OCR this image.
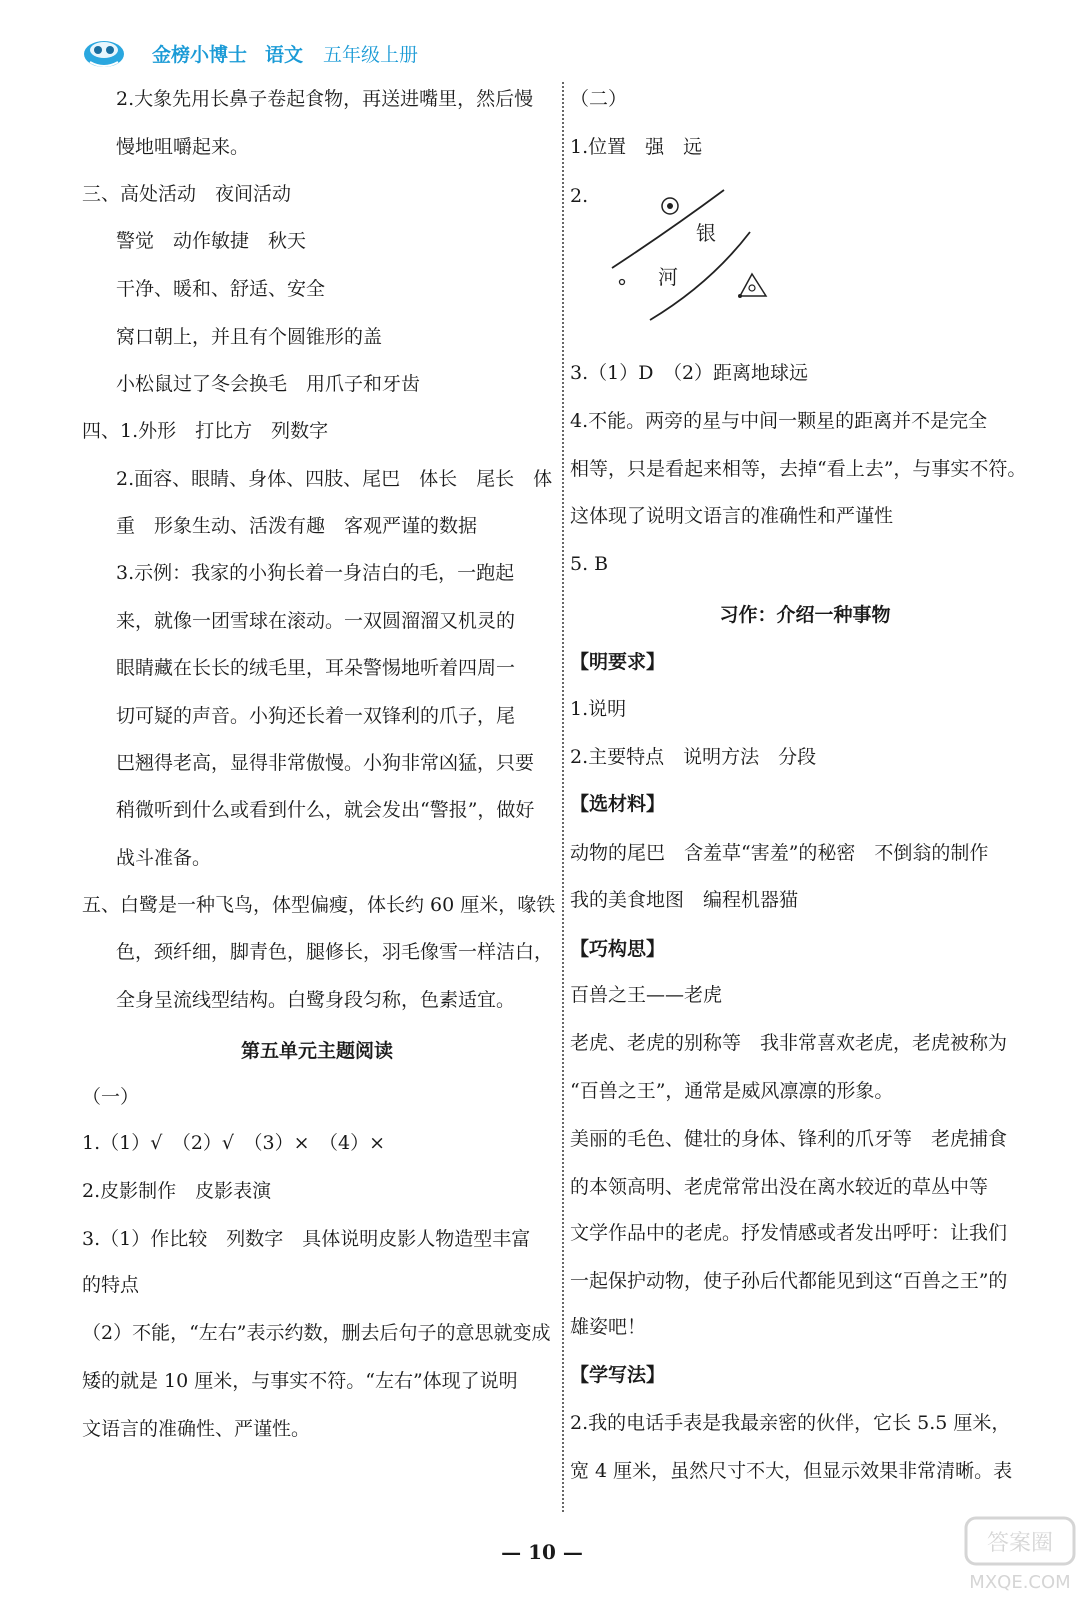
金榜小博士 语文 五年级上册
2.大象先用长鼻子卷起食物，再送进嘴里，然后慢
慢地咀嚼起来。
三、高处活动　夜间活动
警觉　动作敏捷　秋天
干净、暖和、舒适、安全
窝口朝上，并且有个圆锥形的盖
小松鼠过了冬会换毛　用爪子和牙齿
四、1.外形　打比方　列数字
2.面容、眼睛、身体、四肢、尾巴　体长　尾长　体
重　形象生动、活泼有趣　客观严谨的数据
3.示例：我家的小狗长着一身洁白的毛，一跑起
来，就像一团雪球在滚动。一双圆溜溜又机灵的
眼睛藏在长长的绒毛里，耳朵警惕地听着四周一
切可疑的声音。小狗还长着一双锋利的爪子，尾
巴翘得老高，显得非常傲慢。小狗非常凶猛，只要
稍微听到什么或看到什么，就会发出“警报”，做好
战斗准备。
五、白鹭是一种飞鸟，体型偏瘦，体长约 60 厘米，喙铁
色，颈纤细，脚青色，腿修长，羽毛像雪一样洁白，
全身呈流线型结构。白鹭身段匀称，色素适宜。
第五单元主题阅读
（一）
1.（1）√　（2）√　（3）×　（4）×
2.皮影制作　皮影表演
3.（1）作比较　列数字　具体说明皮影人物造型丰富
的特点
（2）不能，“左右”表示约数，删去后句子的意思就变成
矮的就是 10 厘米，与事实不符。“左右”体现了说明
文语言的准确性、严谨性。
（二）
1.位置　强　远
2.
银
河
3.（1）D　（2）距离地球远
4.不能。两旁的星与中间一颗星的距离并不是完全
相等，只是看起来相等，去掉“看上去”，与事实不符。
这体现了说明文语言的准确性和严谨性
5. B
习作：介绍一种事物
【明要求】
1.说明
2.主要特点　说明方法　分段
【选材料】
动物的尾巴　含羞草“害羞”的秘密　不倒翁的制作
我的美食地图　编程机器猫
【巧构思】
百兽之王——老虎
老虎、老虎的别称等　我非常喜欢老虎，老虎被称为
“百兽之王”，通常是威风凛凛的形象。
美丽的毛色、健壮的身体、锋利的爪牙等　老虎捕食
的本领高明、老虎常常出没在离水较近的草丛中等
文学作品中的老虎。抒发情感或者发出呼吁：让我们
一起保护动物，使子孙后代都能见到这“百兽之王”的
雄姿吧！
【学写法】
2.我的电话手表是我最亲密的伙伴，它长 5.5 厘米，
宽 4 厘米，虽然尺寸不大，但显示效果非常清晰。表
— 10 —	答案圈
MXQE.COM
